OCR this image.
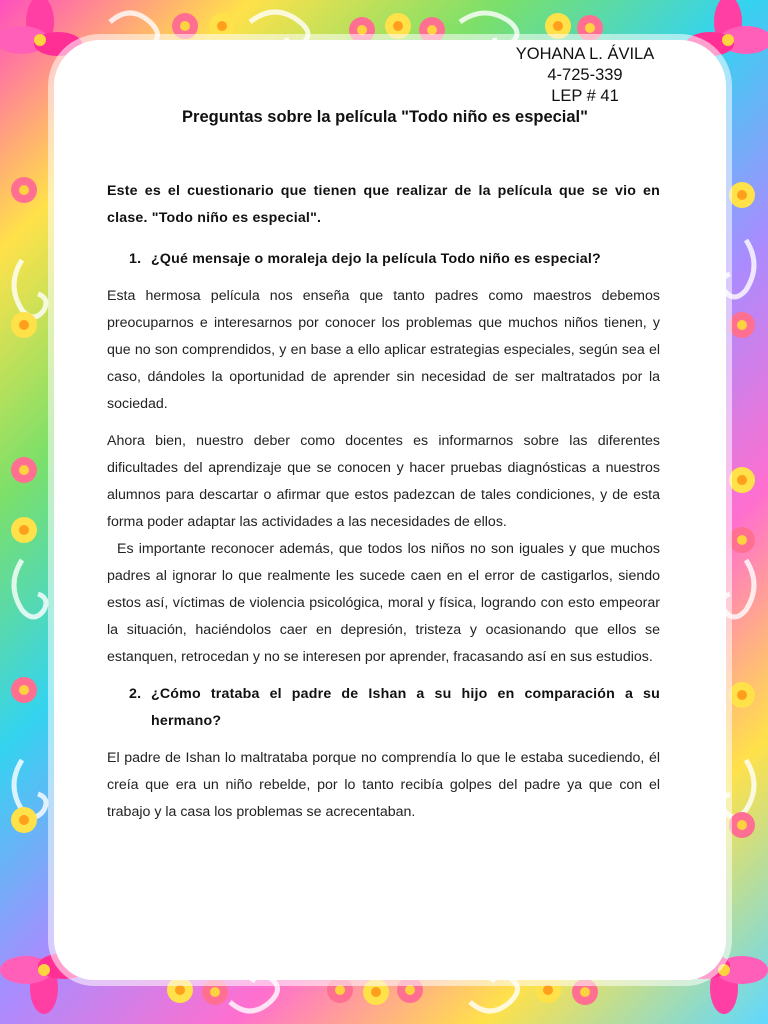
YOHANA L. ÁVILA
4-725-339
LEP # 41
Preguntas sobre la película "Todo niño es especial"

Este es el cuestionario que tienen que realizar de la película que se vio en clase. "Todo niño es especial".

1. ¿Qué mensaje o moraleja dejo la película Todo niño es especial?

Esta hermosa película nos enseña que tanto padres como maestros debemos preocuparnos e interesarnos por conocer los problemas que muchos niños tienen, y que no son comprendidos, y en base a ello aplicar estrategias especiales, según sea el caso, dándoles la oportunidad de aprender sin necesidad de ser maltratados por la sociedad.

Ahora bien, nuestro deber como docentes es informarnos sobre las diferentes dificultades del aprendizaje que se conocen y hacer pruebas diagnósticas a nuestros alumnos para descartar o afirmar que estos padezcan de tales condiciones, y de esta forma poder adaptar las actividades a las necesidades de ellos.

Es importante reconocer además, que todos los niños no son iguales y que muchos padres al ignorar lo que realmente les sucede caen en el error de castigarlos, siendo estos así, víctimas de violencia psicológica, moral y física, logrando con esto empeorar la situación, haciéndolos caer en depresión, tristeza y ocasionando que ellos se estanquen, retrocedan y no se interesen por aprender, fracasando así en sus estudios.

2. ¿Cómo trataba el padre de Ishan a su hijo en comparación a su hermano?

El padre de Ishan lo maltrataba porque no comprendía lo que le estaba sucediendo, él creía que era un niño rebelde, por lo tanto recibía golpes del padre ya que con el trabajo y la casa los problemas se acrecentaban.
